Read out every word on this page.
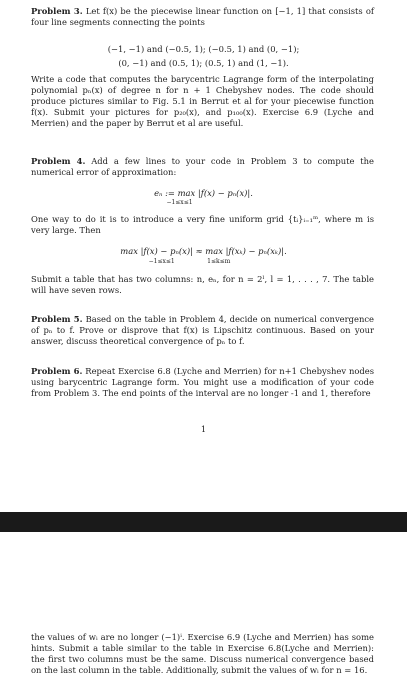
Problem 3. Let f(x) be the piecewise linear function on [−1, 1] that consists of four line segments connecting the points

(−1, −1) and (−0.5, 1); (−0.5, 1) and (0, −1);

(0, −1) and (0.5, 1); (0.5, 1) and (1, −1).

Write a code that computes the barycentric Lagrange form of the interpolating polynomial pₙ(x) of degree n for n + 1 Chebyshev nodes. The code should produce pictures similar to Fig. 5.1 in Berrut et al for your piecewise function f(x). Submit your pictures for p₂₀(x), and p₁₀₀(x). Exercise 6.9 (Lyche and Merrien) and the paper by Berrut et al are useful.

Problem 4. Add a few lines to your code in Problem 3 to compute the numerical error of approximation:

eₙ := max |f(x) − pₙ(x)|.

−1≤x≤1

One way to do it is to introduce a very fine uniform grid {tᵢ}ᵢ₌₁ᵐ, where m is very large. Then

max |f(x) − pₙ(x)| ≈ max |f(xₖ) − pₙ(xₖ)|.

−1≤x≤1                 1≤k≤m

Submit a table that has two columns: n, eₙ, for n = 2ˡ, l = 1, . . . , 7. The table will have seven rows.

Problem 5. Based on the table in Problem 4, decide on numerical convergence of pₙ to f. Prove or disprove that f(x) is Lipschitz continuous. Based on your answer, discuss theoretical convergence of pₙ to f.

Problem 6. Repeat Exercise 6.8 (Lyche and Merrien) for n+1 Chebyshev nodes using barycentric Lagrange form. You might use a modification of your code from Problem 3. The end points of the interval are no longer -1 and 1, therefore

1

the values of wᵢ are no longer (−1)ⁱ. Exercise 6.9 (Lyche and Merrien) has some hints. Submit a table similar to the table in Exercise 6.8(Lyche and Merrien): the first two columns must be the same. Discuss numerical convergence based on the last column in the table. Additionally, submit the values of wᵢ for n = 16.
